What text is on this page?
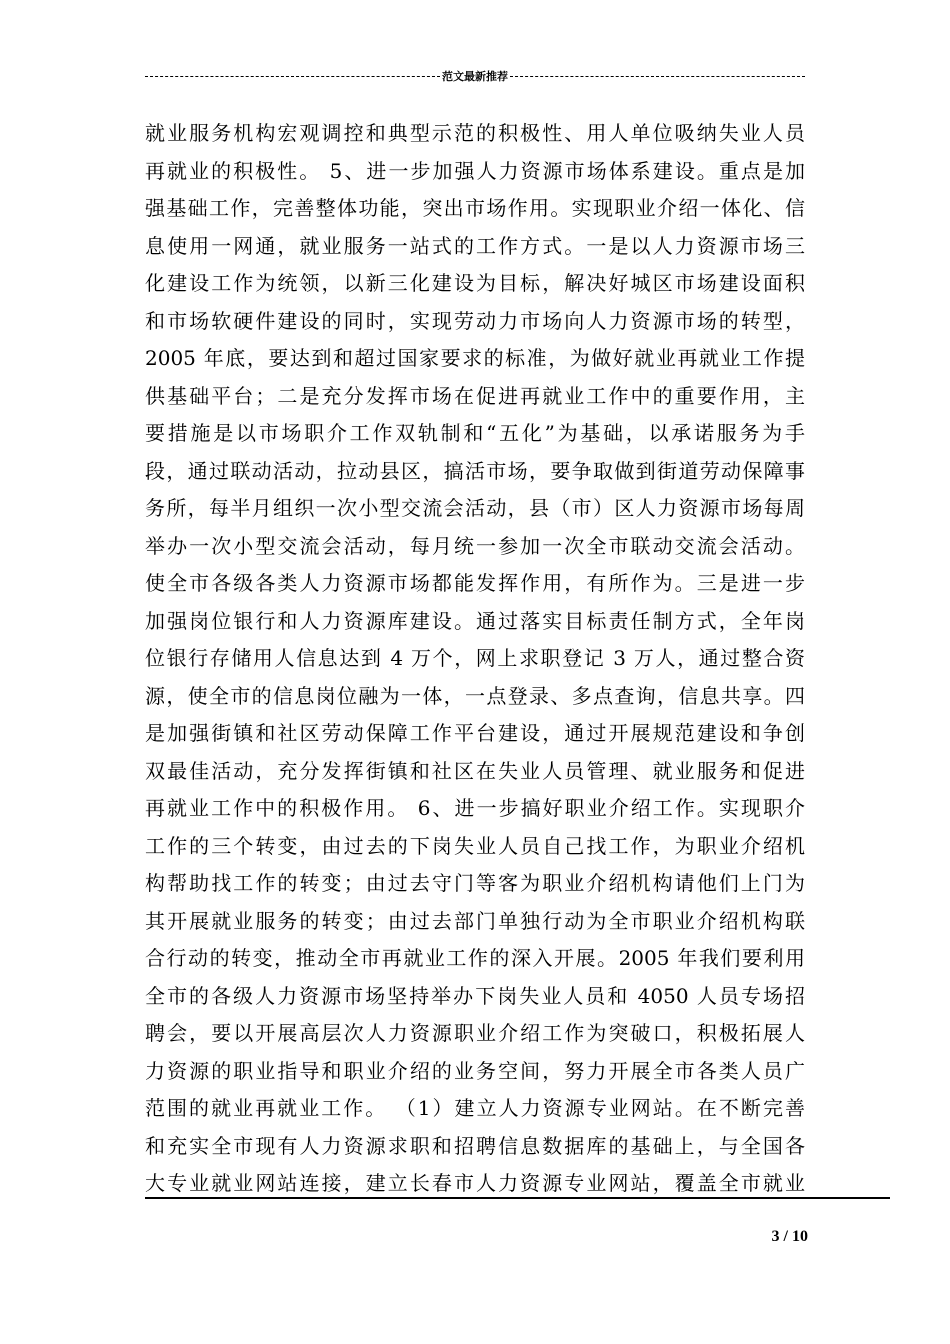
范文最新推荐
就业服务机构宏观调控和典型示范的积极性、用人单位吸纳失业人员
再就业的积极性。 5、进一步加强人力资源市场体系建设。重点是加
强基础工作，完善整体功能，突出市场作用。实现职业介绍一体化、信
息使用一网通，就业服务一站式的工作方式。一是以人力资源市场三
化建设工作为统领，以新三化建设为目标，解决好城区市场建设面积
和市场软硬件建设的同时，实现劳动力市场向人力资源市场的转型，
2005 年底，要达到和超过国家要求的标准，为做好就业再就业工作提
供基础平台；二是充分发挥市场在促进再就业工作中的重要作用，主
要措施是以市场职介工作双轨制和“五化”为基础，以承诺服务为手
段，通过联动活动，拉动县区，搞活市场，要争取做到街道劳动保障事
务所，每半月组织一次小型交流会活动，县（市）区人力资源市场每周
举办一次小型交流会活动，每月统一参加一次全市联动交流会活动。
使全市各级各类人力资源市场都能发挥作用，有所作为。三是进一步
加强岗位银行和人力资源库建设。通过落实目标责任制方式，全年岗
位银行存储用人信息达到 4 万个，网上求职登记 3 万人，通过整合资
源，使全市的信息岗位融为一体，一点登录、多点查询，信息共享。四
是加强街镇和社区劳动保障工作平台建设，通过开展规范建设和争创
双最佳活动，充分发挥街镇和社区在失业人员管理、就业服务和促进
再就业工作中的积极作用。 6、进一步搞好职业介绍工作。实现职介
工作的三个转变，由过去的下岗失业人员自己找工作，为职业介绍机
构帮助找工作的转变；由过去守门等客为职业介绍机构请他们上门为
其开展就业服务的转变；由过去部门单独行动为全市职业介绍机构联
合行动的转变，推动全市再就业工作的深入开展。2005 年我们要利用
全市的各级人力资源市场坚持举办下岗失业人员和 4050 人员专场招
聘会，要以开展高层次人力资源职业介绍工作为突破口，积极拓展人
力资源的职业指导和职业介绍的业务空间，努力开展全市各类人员广
范围的就业再就业工作。 （1）建立人力资源专业网站。在不断完善
和充实全市现有人力资源求职和招聘信息数据库的基础上，与全国各
大专业就业网站连接，建立长春市人力资源专业网站，覆盖全市就业
3 / 10
